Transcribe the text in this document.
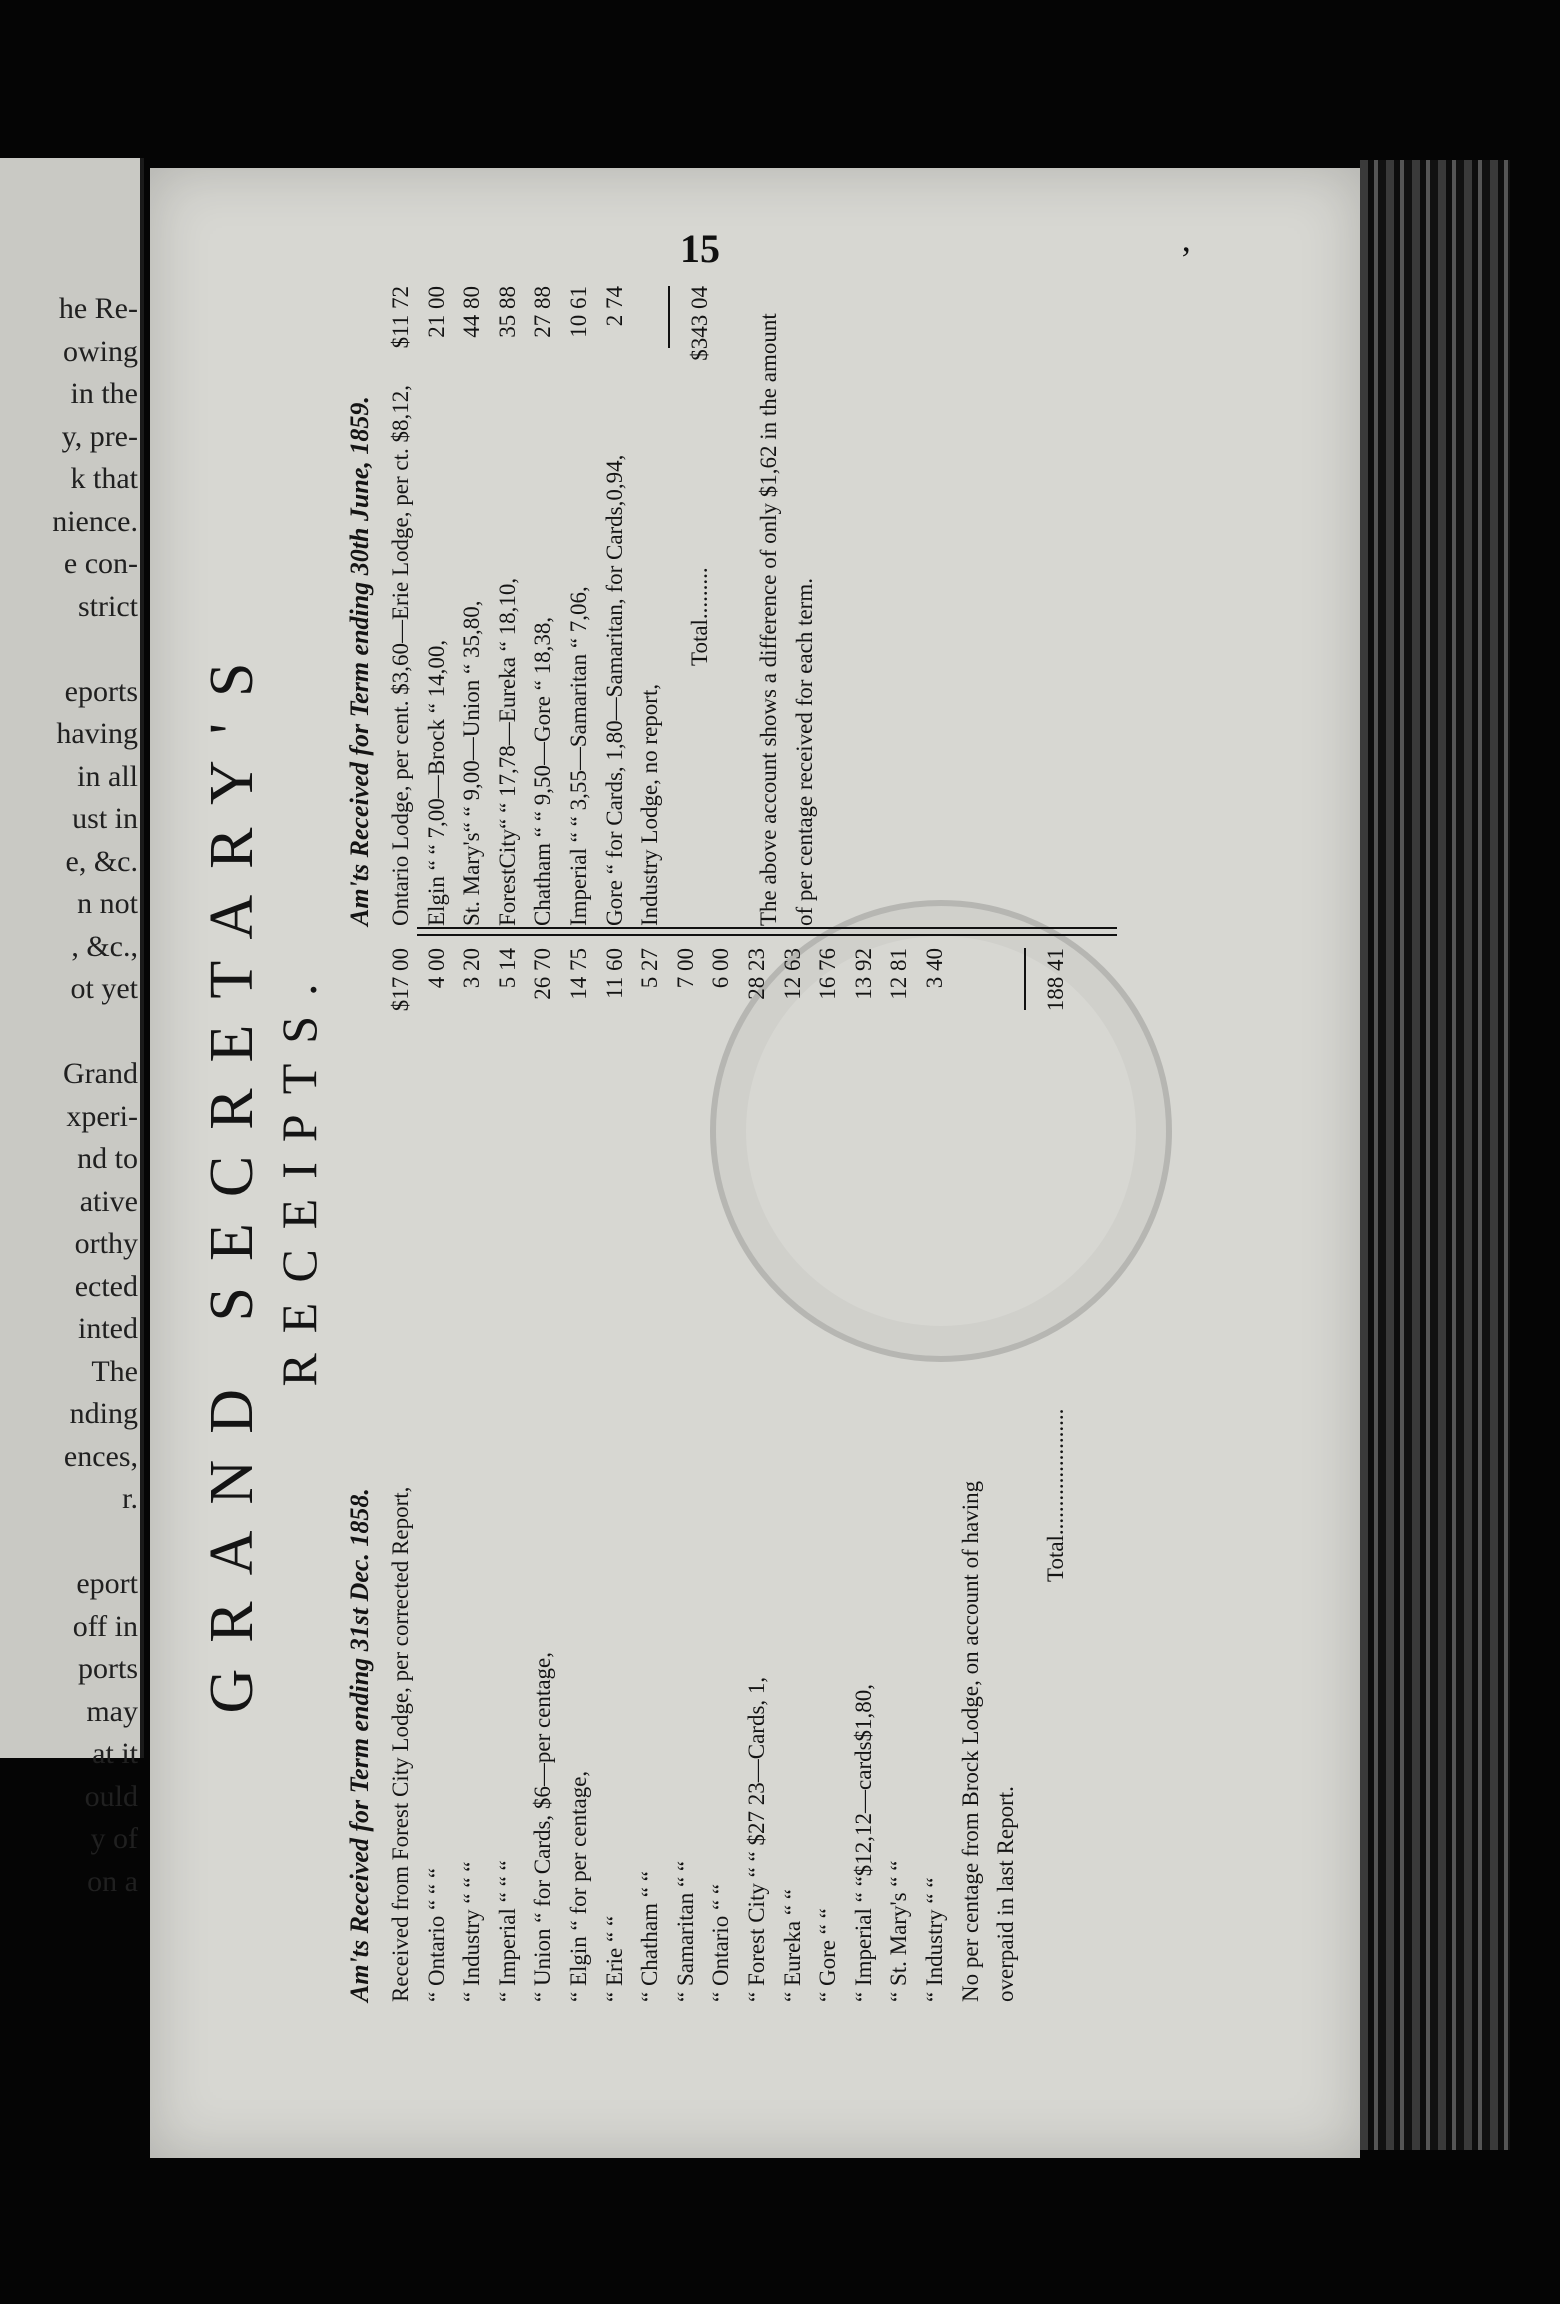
he Re-
owing
in the
y, pre-
k that
nience.
e con-
strict
eports
having
in all
ust in
e, &c.
n not
, &c.,
ot yet
Grand
xperi-
nd to
ative
orthy
ected
inted
The
nding
ences,
r.
eport
off in
ports
may
at it
ould
y of
on a
15	’
GRAND SECRETARY'S RECEIPTS.
Am'ts Received for Term ending 31st Dec. 1858. Received from Forest City Lodge, per corrected Report,
$17 00
“ Ontario “ “ “
4 00
“ Industry “ “ “
3 20
“ Imperial “ “ “
5 14
“ Union “ for Cards, $6—per centage,
26 70
“ Elgin “ for per centage,
14 75
“ Erie “ “
11 60
“ Chatham “ “
5 27
“ Samaritan “ “
7 00
“ Ontario “ “
6 00
“ Forest City “ “ $27 23—Cards, 1,
28 23
“ Eureka “ “
12 63
“ Gore “ “
16 76
“ Imperial “ “$12,12—cards$1,80,
13 92
“ St. Mary's “ “
12 81
“ Industry “ “
3 40
No per centage from Brock Lodge, on account of having overpaid in last Report.
Total......................
188 41
Am'ts Received for Term ending 30th June, 1859. Ontario Lodge, per cent. $3,60—Erie Lodge, per ct. $8,12,
$11 72
Elgin “ “ 7,00—Brock “ 14,00,
21 00
St. Mary's“ “ 9,00—Union “ 35,80,
44 80
ForestCity“ “ 17,78—Eureka “ 18,10,
35 88
Chatham “ “ 9,50—Gore “ 18,38,
27 88
Imperial “ “ 3,55—Samaritan “ 7,06,
10 61
Gore “ for Cards, 1,80—Samaritan, for Cards,0,94,
2 74
Industry Lodge, no report,
Total.........
$343 04 The above account shows a difference of only $1,62 in the amount of per centage received for each term.
